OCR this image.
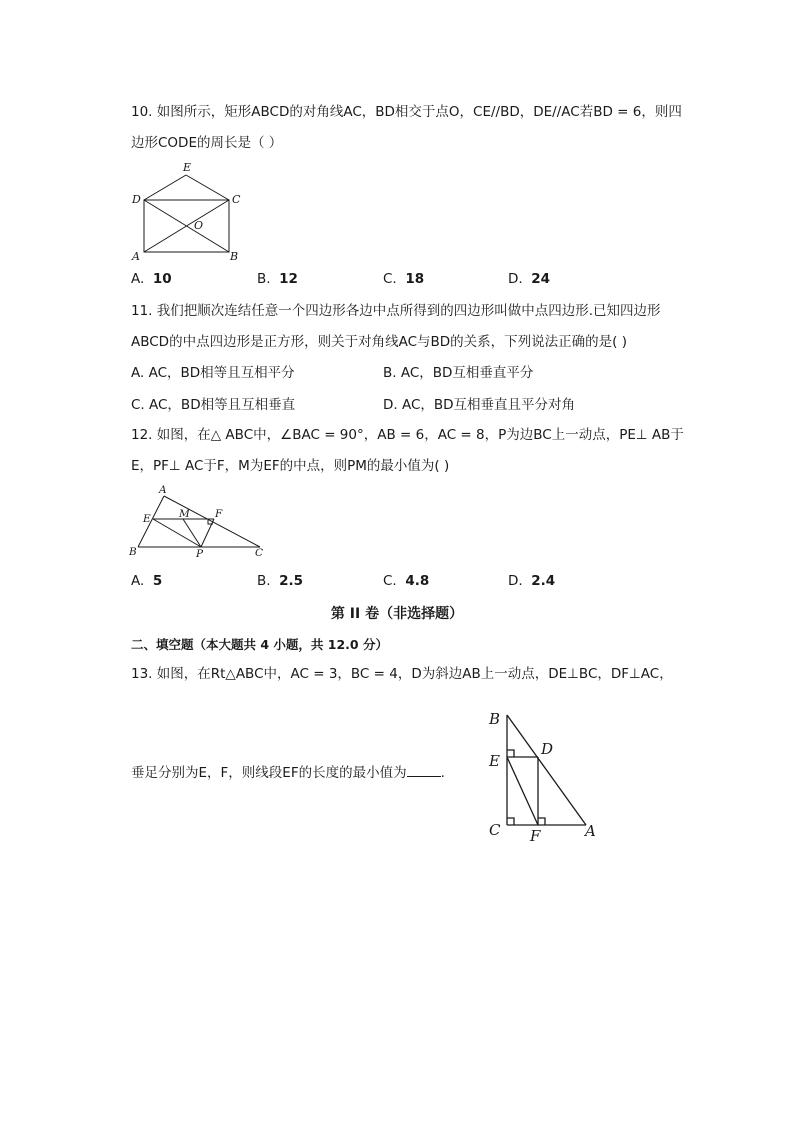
10. 如图所示，矩形ABCD的对角线AC，BD相交于点O，CE//BD，DE//AC若BD = 6，则四
边形CODE的周长是（ ）
E
D	C
O
A	B
A. 10	B. 12	C. 18	D. 24
11. 我们把顺次连结任意一个四边形各边中点所得到的四边形叫做中点四边形.已知四边形
ABCD的中点四边形是正方形，则关于对角线AC与BD的关系，下列说法正确的是( )
A. AC，BD相等且互相平分	B. AC，BD互相垂直平分
C. AC，BD相等且互相垂直	D. AC，BD互相垂直且平分对角
12. 如图，在△ ABC中，∠BAC = 90°，AB = 6，AC = 8，P为边BC上一动点，PE⊥ AB于
E，PF⊥ AC于F，M为EF的中点，则PM的最小值为( )
A
E	M F
B	P	C
A. 5	B. 2.5	C. 4.8	D. 2.4
第 II 卷（非选择题）
二、填空题（本大题共 4 小题，共 12.0 分）
13. 如图，在Rt△ABC中，AC = 3，BC = 4，D为斜边AB上一动点，DE⊥BC，DF⊥AC，
垂足分别为E，F，则线段EF的长度的最小值为	.
B
E
D
C F	A
